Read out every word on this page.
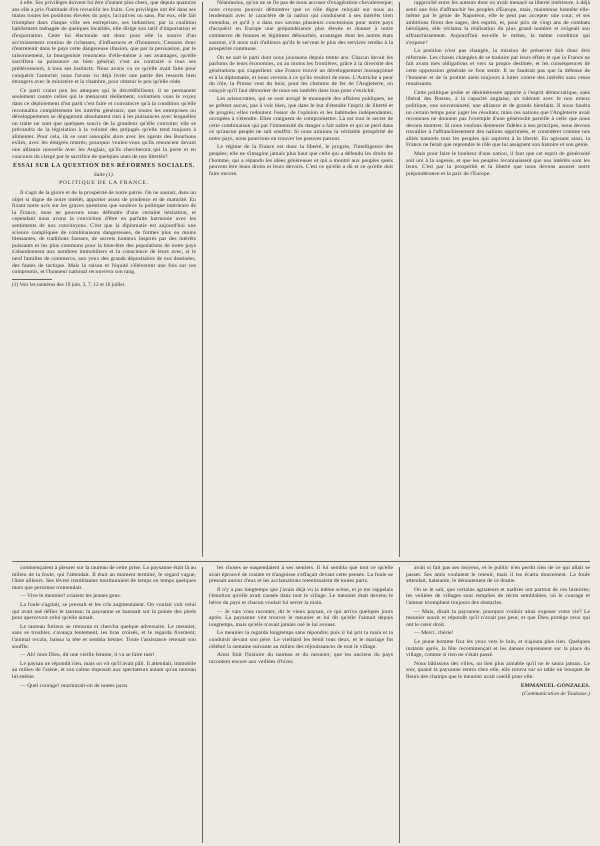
à elle. Ses privilèges doivent lui être d'autant plus chers, que depuis quatorze ans elle a pris l'habitude d'en recueillir les fruits. Ces privilèges ont été dans ses mains toutes les positions élevées du pays, lucratives ou sans. Par eux, elle fait triompher dans chaque ville ses entreprises, ses industries; par la coalition habilement ménagée de quelques localités, elle dirige son tarif d'importation et d'exportation. Cette loi électorale ont donc pour elle la source d'un accroissement continu de richesses, d'influences et d'honneurs. Cessons donc d'entretenir dans le pays cette dangereuse illusion, que par la persuasion, par le raisonnement, la bourgeoisie renoncera d'elle-même à ses avantages, qu'elle sacrifiera sa puissance au bien général; c'est au contraire à tous ses prédécesseurs, à tous ses instincts. Nous avons vu ce qu'elle avait faite pour conquérir l'autorité; nous l'avons vu déjà livrer une partie des ressorts bien étrangers avec le ministère et la chambre, pour obtenir le peu qu'elle cède.

Ce parti craint peu les attaques qui le décrédibilisent, il se permanent seulement contre celles qui le menacent réellement; volontiers vous le voyez dans ce déploiement d'un parti c'est faire et convaincre qu'à la condition qu'elle reconnaîtra complètement les intérêts généraux; que toutes les entreprises ou développements se dégageront absolument rien à les puissances avec lesquelles on traite ne sont que quelques soucis de la grandeur qu'elle convoite; elle se prévaudra de la législation à la volonté des préjugés qu'elle tend toujours à alimenter. Pour cela, ils se sont assouplis alors avec les agents des Bourbons exilés, avec les émigrés rentrés; pourquoi voulez-vous qu'ils renoncent devant une alliance nouvelle avec les Anglais, qu'ils chercheront qui la porte et en coucours du clergé par le sacrifice de quelques unes de nos libertés?

ESSAI SUR LA QUESTION DES RÉFORMES SOCIALES.

Suite (1).

POLITIQUE DE LA FRANCE.

Il s'agit de la gloire et de la prospérité de notre patrie. On ne saurait, dans un objet si digne de notre intérêt, apporter assez de prudence et de maturité. En fixant notre avis sur les graves questions que soulève la politique intérieure de la France, nous ne pouvons nous défendre d'une certaine hésitation, et cependant nous avons la conviction d'être en parfaite harmonie avec les sentiments de nos concitoyens. C'est que la diplomatie est aujourd'hui une science compliquée de combinaisons dangereuses, de formes plus ou moins blessantes, de traditions fausses, de secrets honteux inspirés par des intérêts puissants et les plus communs pour la bien-être des populations de notre pays s'abandonnent aux nombres immobiliers et la conscience de leurs avec, si le neuf familles de commerce, aux yeux des grands dépositaires de nos destinées, des fautes de tactique. Mais la raison et l'équité s'élèveront une fois sur ces compromis, et l'honneur national recouvrera son rang.

(1) Voir les numéros des 19 juin, 3, 7, 12 et 16 juillet.

Néanmoins, qu'on ne se fie pas de nous accuser d'exagération chevaleresque; nous croyons pouvoir démontrer que ce rôle digne reluyait sur nous au lendemain avec le caractère de la nation qui conduisent à ses intérêts bien entendus, et qu'il y a dans nos savons plusieurs concessions pour notre pays d'acquérir en Europe une prépondérance plus élevée et donner à notre commerce de bonnes et légitimes débouchés, avantages dont les autres états sauront, s'il nous suit d'ailleurs qu'ils le servent le plus des services rendus à la prospérité commune.

On ne sait le parti dont nous jouissons depuis trente ans. Chacun devait les parfums de leurs économies, ou au moins les frontières, grâce à la diversité des générations qui s'appellent: une France trouvé un développement insoupçonné et à la diplomatie, et nous verrons à ce qu'ils veulent de nous. L'Autriche a peur du rôle, la Prusse veut du bois; pour les chemins de fer de l'Angleterre, on conçoit qu'il faut détourner de nous ses intérêts dans tous pour s'enrichir.

Les aristocraties, qui se sont arrogé le monopole des affaires publiques, ne se prêtent aucun, pas à voir bien, que dans le but d'étendre l'esprit de liberté et de progrès; elles redoutent l'essor de l'opinion et les habitudes indépendantes, occupées à s'étendre. Elles craignent de compromettre. Là est tout le secret de cette combinaison qui par l'immensité du danger a fait naître et qui se perd dans ce qu'aucun peuple ne sait souffrir. Si nous aimions la véritable prospérité de notre pays, nous pourrions en trouver les preuves partout.

Le régime de la France est donc la liberté, le progrès, l'intelligence des peuples; elle ne s'imagine jamais plus haut que celle qui a défendu les droits de l'homme, qui a répandu les idées généreuses et qui a montré aux peuples quels peuvent être leurs droits et leurs devoirs. C'est ce qu'elle a dû et ce qu'elle doit faire encore.

rapproché entre les auteurs dont on avait menacé sa liberté intérieure, à déjà senti une fois d'affranchir les peuples d'Europe, mais, maintenue honnête elle-même par le génie de Napoléon, elle le peut pas accepter une cour; et ses ambitions firent des sages, des esprits, et, pour prix de vingt ans de combats héroïques, elle réclama la réalisation du plus grand nombre et exigeait son affranchissement. Aujourd'hui est-elle le même, la même condition qui s'expose?

La position n'est pas changée, la mission de préserver doit donc être réformée. Les choses changées de se traduire par leurs effets et que la France ne fait avant mes obligations et vers sa propre destinée, et les conséquences de cette oppression générale se font sentir. Il ne faudrait pas que la défense de l'honneur et de la probité aient toujours à lutter contre des intérêts sans cesse renaissants.

Cette politique probe et désintéressée apporte à l'esprit démocratique, sans libéral des Russes, à la capacité anglaise, un tolérant avec le non mieux politique, une souveraineté, une alliance et de grands bienfaits. Il nous faudra un certain temps pour juger les résultats; mais ces nations que l'Angleterre avait reconnues ne donnent pas l'exemple d'une générosité pareille à celle que nous devons montrer. Si nous voulons demeurer fidèles à nos principes, nous devons travailler à l'affranchissement des nations opprimées, et considérer comme nos alliés naturels tous les peuples qui aspirent à la liberté. En agissant ainsi, la France ne ferait que reprendre le rôle que lui assignent son histoire et son génie.

Mais pour faire le bonheur d'une nation, il faut que cet esprit de générosité soit uni à la sagesse, et que les peuples reconnaissent que nos intérêts sont les leurs. C'est par la prospérité et la liberté que nous devons assurer notre prépondérance et la paix de l'Europe.

commençaient à pleurer sur la taureau de cette prise. La paysanne était là au milieu de la foule, qui l'attendait. Il était au moment terminé, le regard vague, l'âme ailleurs. Ses lèvres tremblantes murmuraient de temps en temps quelques mots que personne n'entendait.

— Vive le meunier! criaient les jeunes gens.

La foule s'agitait, se pressait et les cris augmentaient. On voulait voir celui qui avait osé défier le taureau; la paysanne se haussait sur la pointe des pieds pour apercevoir celui qu'elle aimait.

Le taureau furieux se retourna et chercha quelque adversaire. Le meunier, sans se troubler, s'avança lentement, les bras croisés, et le regarda fixement; l'animal recula, baissa la tête et sembla hésiter. Toute l'assistance retenait son souffle.

— Ah! mon Dieu, dit une vieille femme, il va se faire tuer!

Le paysan ne répondit rien, mais on vit qu'il avait pâli. Il attendait, immobile au milieu de l'arène, et son calme imposait aux spectateurs autant qu'au taureau lui-même.

— Quel courage! murmurait-on de toutes parts.

les choses se suspendaient à ses sentiers. Il lui sembla que tout ce qu'elle avait éprouvé de crainte et d'angoisse s'effaçait devant cette pensée. La foule se pressait autour d'eux et les acclamations retentissaient de toutes parts.

Il n'y a pas longtemps que j'avais déjà vu la même scène, et je me rappelais l'émotion qu'elle avait causée dans tout le village. Le meunier était devenu le héros du pays et chacun voulait lui serrer la main.

— Je vais vous raconter, dit le vieux paysan, ce qui arriva quelques jours après. La paysanne vint trouver le meunier et lui dit qu'elle l'aimait depuis longtemps, mais qu'elle n'avait jamais osé le lui avouer.

Le meunier la regarda longtemps sans répondre; puis il lui prit la main et la conduisit devant son père. Le vieillard les bénit tous deux, et le mariage fut célébré la semaine suivante au milieu des réjouissances de tout le village.

Ainsi finit l'histoire du taureau et du meunier, que les anciens du pays racontent encore aux veillées d'hiver.

avait si fait pas ses moyens, et le public n'en perdit rien de ce qui allait se passer. Ses amis voulaient le retenir, mais il les écarta doucement. La foule attendait, haletante, le dénouement de ce drame.

On se le sait, que certains agitateurs et maîtres ont partout de ces histoires; les veillées de villages sont remplies de récits semblables, où le courage et l'amour triomphent toujours des obstacles.

— Mais, disait la paysanne, pourquoi vouloir ainsi exposer votre vie? Le meunier sourit et répondit qu'il n'avait pas peur, et que Dieu protège ceux qui ont le cœur droit.

— Merci, chérie!

Le jeune homme fixa les yeux vers le loin, et n'ajouta plus rien. Quelques instants après, la fête recommençait et les danses reprenaient sur la place du village, comme si rien ne s'était passé.

Nous bâtissons des villes, un lien plus aimable qu'il ne le saura jamais. Le soir, quand la paysanne rentra chez elle, elle trouva sur sa table un bouquet de fleurs des champs que le meunier avait cueilli pour elle.

EMMANUEL-GONZALES.

(Communication de Toulouse.)
